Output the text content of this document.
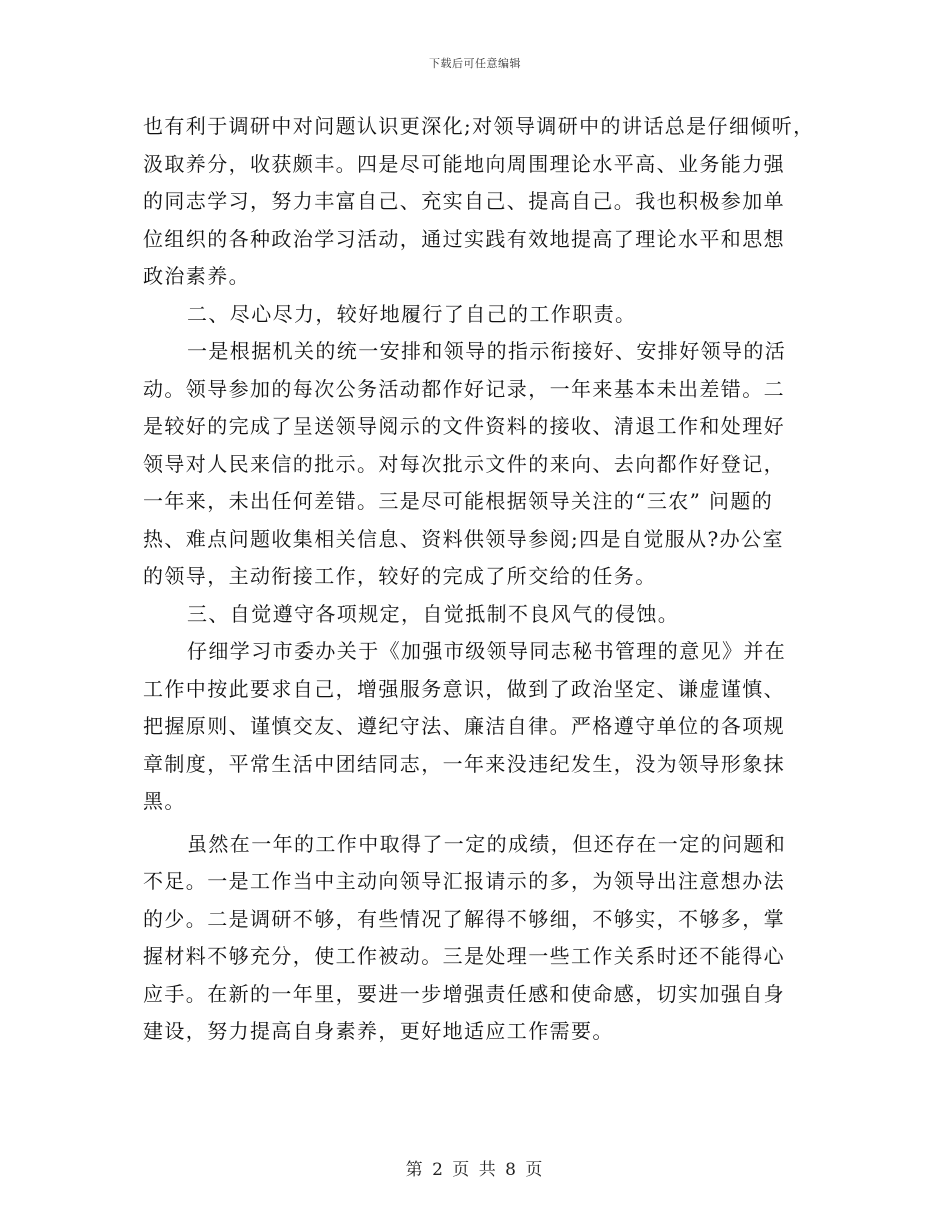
下载后可任意编辑
也有利于调研中对问题认识更深化;对领导调研中的讲话总是仔细倾听，
汲取养分，收获颇丰。四是尽可能地向周围理论水平高、业务能力强
的同志学习，努力丰富自己、充实自己、提高自己。我也积极参加单
位组织的各种政治学习活动，通过实践有效地提高了理论水平和思想
政治素养。
二、尽心尽力，较好地履行了自己的工作职责。
一是根据机关的统一安排和领导的指示衔接好、安排好领导的活
动。领导参加的每次公务活动都作好记录，一年来基本未出差错。二
是较好的完成了呈送领导阅示的文件资料的接收、清退工作和处理好
领导对人民来信的批示。对每次批示文件的来向、去向都作好登记，
一年来，未出任何差错。三是尽可能根据领导关注的“三农” 问题的
热、难点问题收集相关信息、资料供领导参阅;四是自觉服从?办公室
的领导，主动衔接工作，较好的完成了所交给的任务。
三、自觉遵守各项规定，自觉抵制不良风气的侵蚀。
仔细学习市委办关于《加强市级领导同志秘书管理的意见》并在
工作中按此要求自己，增强服务意识，做到了政治坚定、谦虚谨慎、
把握原则、谨慎交友、遵纪守法、廉洁自律。严格遵守单位的各项规
章制度，平常生活中团结同志，一年来没违纪发生，没为领导形象抹
黑。
虽然在一年的工作中取得了一定的成绩，但还存在一定的问题和
不足。一是工作当中主动向领导汇报请示的多，为领导出注意想办法
的少。二是调研不够，有些情况了解得不够细，不够实，不够多，掌
握材料不够充分，使工作被动。三是处理一些工作关系时还不能得心
应手。在新的一年里，要进一步增强责任感和使命感，切实加强自身
建设，努力提高自身素养，更好地适应工作需要。
第 2 页 共 8 页
